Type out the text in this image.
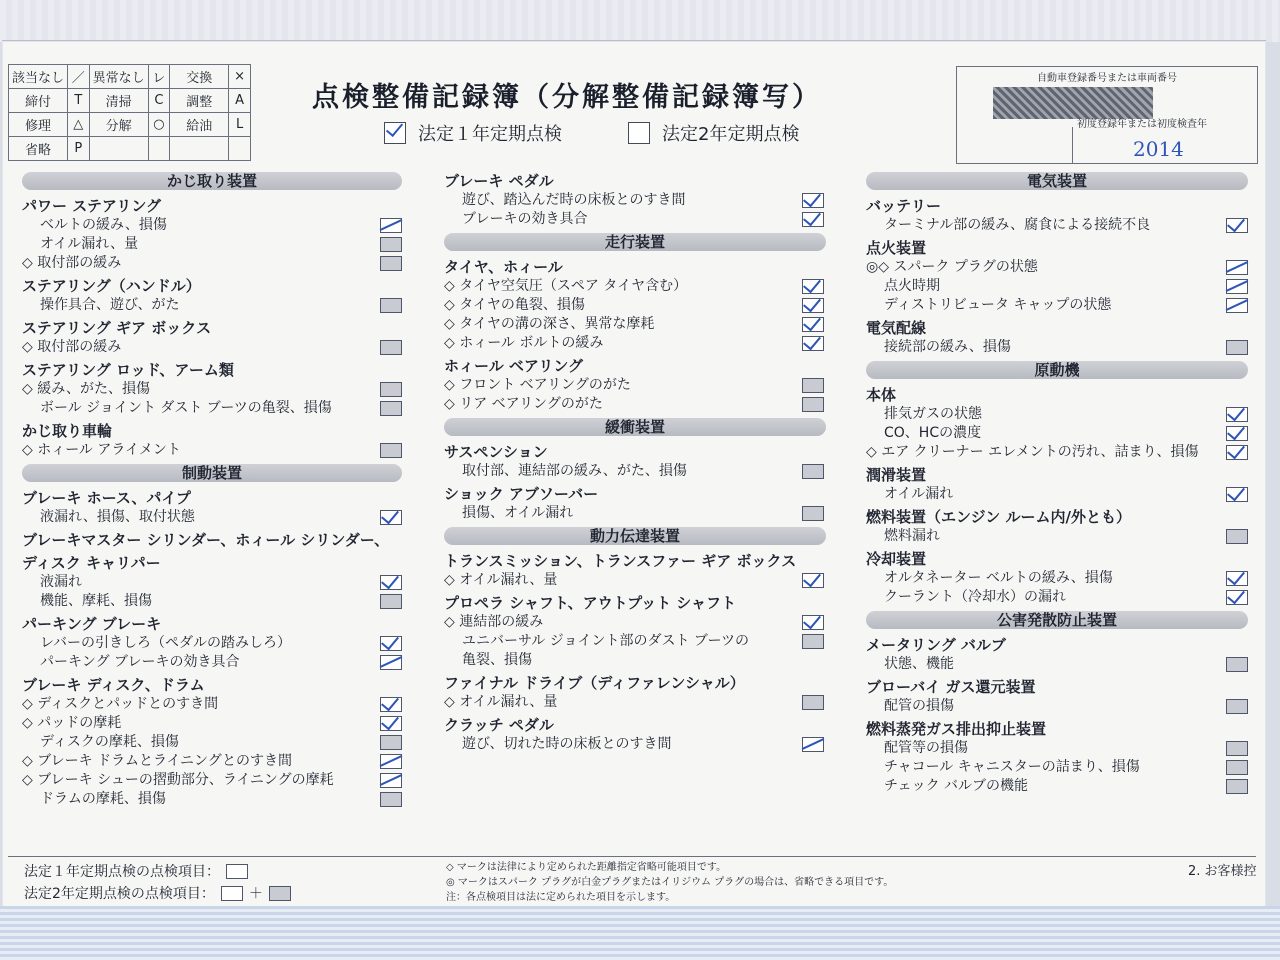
該当なし	／	異常なし	レ	交換	×
締付	T	清掃	C	調整	A
修理	△	分解	○	給油	L
省略	P				
点検整備記録簿（分解整備記録簿写）
法定１年定期点検	法定2年定期点検
自動車登録番号または車両番号
初度登録年または初度検査年
2014
かじ取り装置
パワー ステアリング
ベルトの緩み、損傷
オイル漏れ、量
◇ 取付部の緩み
ステアリング（ハンドル）
操作具合、遊び、がた
ステアリング ギア ボックス
◇ 取付部の緩み
ステアリング ロッド、アーム類
◇ 緩み、がた、損傷
ボール ジョイント ダスト ブーツの亀裂、損傷
かじ取り車輪
◇ ホィール アライメント
制動装置
ブレーキ ホース、パイプ
液漏れ、損傷、取付状態
ブレーキマスター シリンダー、ホィール シリンダー、
ディスク キャリパー
液漏れ
機能、摩耗、損傷
パーキング ブレーキ
レバーの引きしろ（ペダルの踏みしろ）
パーキング ブレーキの効き具合
ブレーキ ディスク、ドラム
◇ ディスクとパッドとのすき間
◇ パッドの摩耗
ディスクの摩耗、損傷
◇ ブレーキ ドラムとライニングとのすき間
◇ ブレーキ シューの摺動部分、ライニングの摩耗
ドラムの摩耗、損傷
ブレーキ ペダル
遊び、踏込んだ時の床板とのすき間
ブレーキの効き具合
走行装置
タイヤ、ホィール
◇ タイヤ空気圧（スペア タイヤ含む）
◇ タイヤの亀裂、損傷
◇ タイヤの溝の深さ、異常な摩耗
◇ ホィール ボルトの緩み
ホィール ベアリング
◇ フロント ベアリングのがた
◇ リア ベアリングのがた
緩衝装置
サスペンション
取付部、連結部の緩み、がた、損傷
ショック アブソーバー
損傷、オイル漏れ
動力伝達装置
トランスミッション、トランスファー ギア ボックス
◇ オイル漏れ、量
プロペラ シャフト、アウトプット シャフト
◇ 連結部の緩み
ユニバーサル ジョイント部のダスト ブーツの
亀裂、損傷
ファイナル ドライブ（ディファレンシャル）
◇ オイル漏れ、量
クラッチ ペダル
遊び、切れた時の床板とのすき間
電気装置
バッテリー
ターミナル部の緩み、腐食による接続不良
点火装置
◎◇ スパーク プラグの状態
点火時期
ディストリビュータ キャップの状態
電気配線
接続部の緩み、損傷
原動機
本体
排気ガスの状態
CO、HCの濃度
◇ エア クリーナー エレメントの汚れ、詰まり、損傷
潤滑装置
オイル漏れ
燃料装置（エンジン ルーム内/外とも）
燃料漏れ
冷却装置
オルタネーター ベルトの緩み、損傷
クーラント（冷却水）の漏れ
公害発散防止装置
メータリング バルブ
状態、機能
ブローバイ ガス還元装置
配管の損傷
燃料蒸発ガス排出抑止装置
配管等の損傷
チャコール キャニスターの詰まり、損傷
チェック バルブの機能
法定１年定期点検の点検項目：
法定2年定期点検の点検項目： ＋
◇ マークは法律により定められた距離指定省略可能項目です。
◎ マークはスパーク プラグが白金プラグまたはイリジウム プラグの場合は、省略できる項目です。
注：各点検項目は法に定められた項目を示します。
2. お客様控
